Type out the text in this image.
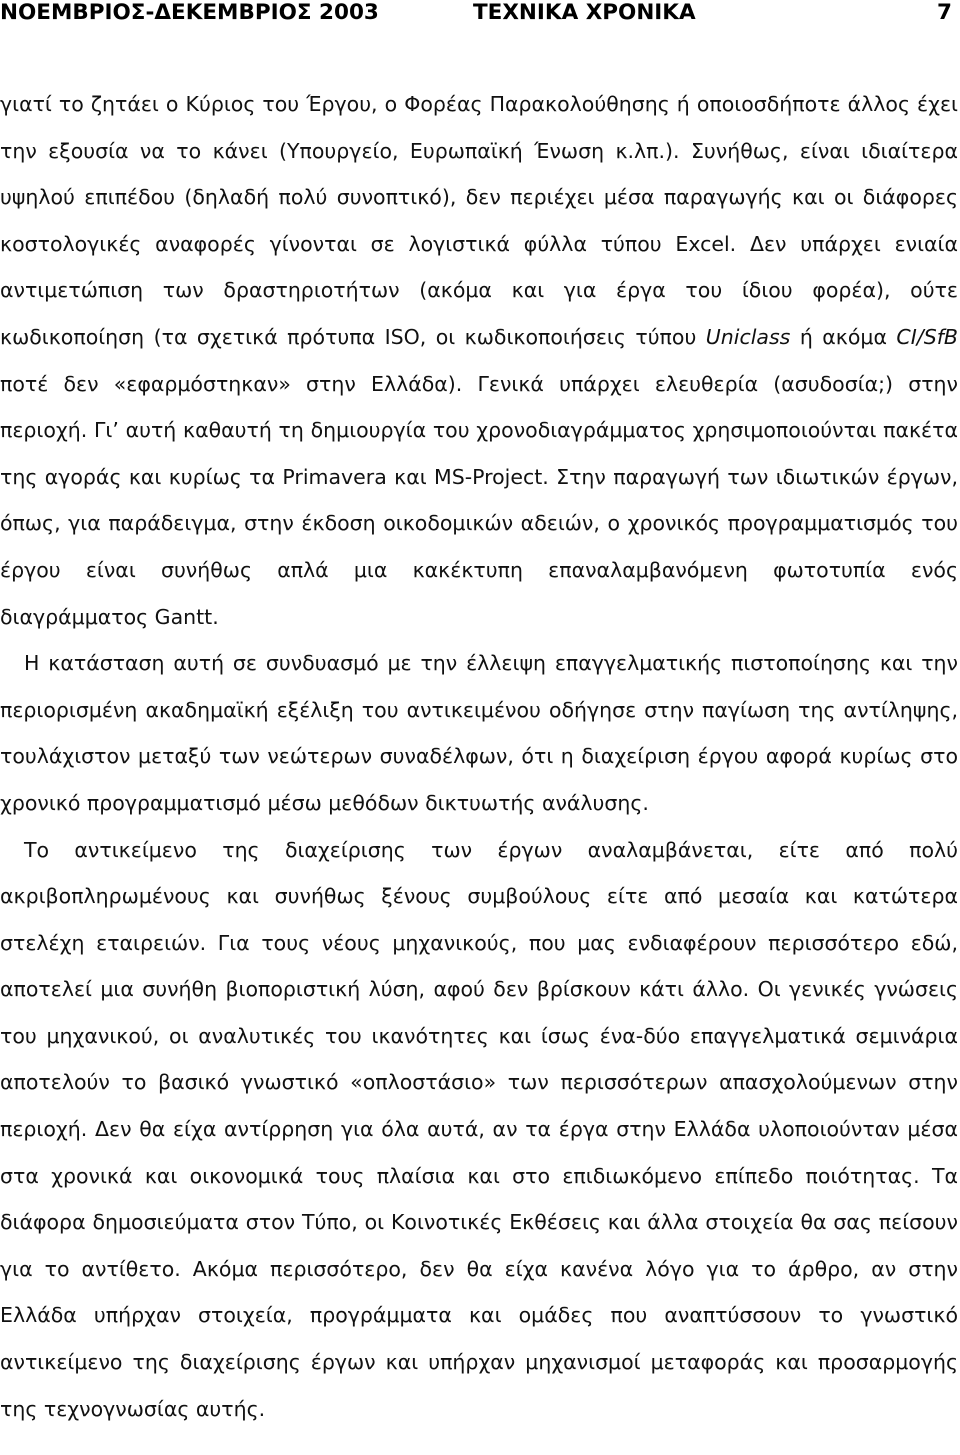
ΝΟΕΜΒΡΙΟΣ-ΔΕΚΕΜΒΡΙΟΣ 2003	ΤΕΧΝΙΚΑ ΧΡΟΝΙΚΑ	7

γιατί το ζητάει ο Κύριος του Έργου, ο Φορέας Παρακολούθησης ή οποιοσδήποτε άλλος έχει την εξουσία να το κάνει (Υπουργείο, Ευρωπαϊκή Ένωση κ.λπ.). Συνήθως, είναι ιδιαίτερα υψηλού επιπέδου (δηλαδή πολύ συνοπτικό), δεν περιέχει μέσα παραγωγής και οι διάφορες κοστολογικές αναφορές γίνονται σε λογιστικά φύλλα τύπου Excel. Δεν υπάρχει ενιαία αντιμετώπιση των δραστηριοτήτων (ακόμα και για έργα του ίδιου φορέα), ούτε κωδικοποίηση (τα σχετικά πρότυπα ISO, οι κωδικοποιήσεις τύπου Uniclass ή ακόμα CI/SfB ποτέ δεν «εφαρμόστηκαν» στην Ελλάδα). Γενικά υπάρχει ελευθερία (ασυδοσία;) στην περιοχή. Γι’ αυτή καθαυτή τη δημιουργία του χρονοδιαγράμματος χρησιμοποιούνται πακέτα της αγοράς και κυρίως τα Primavera και MS-Project. Στην παραγωγή των ιδιωτικών έργων, όπως, για παράδειγμα, στην έκδοση οικοδομικών αδειών, ο χρονικός προγραμματισμός του έργου είναι συνήθως απλά μια κακέκτυπη επαναλαμβανόμενη φωτοτυπία ενός διαγράμματος Gantt.

Η κατάσταση αυτή σε συνδυασμό με την έλλειψη επαγγελματικής πιστοποίησης και την περιορισμένη ακαδημαϊκή εξέλιξη του αντικειμένου οδήγησε στην παγίωση της αντίληψης, τουλάχιστον μεταξύ των νεώτερων συναδέλφων, ότι η διαχείριση έργου αφορά κυρίως στο χρονικό προγραμματισμό μέσω μεθόδων δικτυωτής ανάλυσης.

Το αντικείμενο της διαχείρισης των έργων αναλαμβάνεται, είτε από πολύ ακριβοπληρωμένους και συνήθως ξένους συμβούλους είτε από μεσαία και κατώτερα στελέχη εταιρειών. Για τους νέους μηχανικούς, που μας ενδιαφέρουν περισσότερο εδώ, αποτελεί μια συνήθη βιοποριστική λύση, αφού δεν βρίσκουν κάτι άλλο. Οι γενικές γνώσεις του μηχανικού, οι αναλυτικές του ικανότητες και ίσως ένα-δύο επαγγελματικά σεμινάρια αποτελούν το βασικό γνωστικό «οπλοστάσιο» των περισσότερων απασχολούμενων στην περιοχή. Δεν θα είχα αντίρρηση για όλα αυτά, αν τα έργα στην Ελλάδα υλοποιούνταν μέσα στα χρονικά και οικονομικά τους πλαίσια και στο επιδιωκόμενο επίπεδο ποιότητας. Τα διάφορα δημοσιεύματα στον Τύπο, οι Κοινοτικές Εκθέσεις και άλλα στοιχεία θα σας πείσουν για το αντίθετο. Ακόμα περισσότερο, δεν θα είχα κανένα λόγο για το άρθρο, αν στην Ελλάδα υπήρχαν στοιχεία, προγράμματα και ομάδες που αναπτύσσουν το γνωστικό αντικείμενο της διαχείρισης έργων και υπήρχαν μηχανισμοί μεταφοράς και προσαρμογής της τεχνογνωσίας αυτής.
